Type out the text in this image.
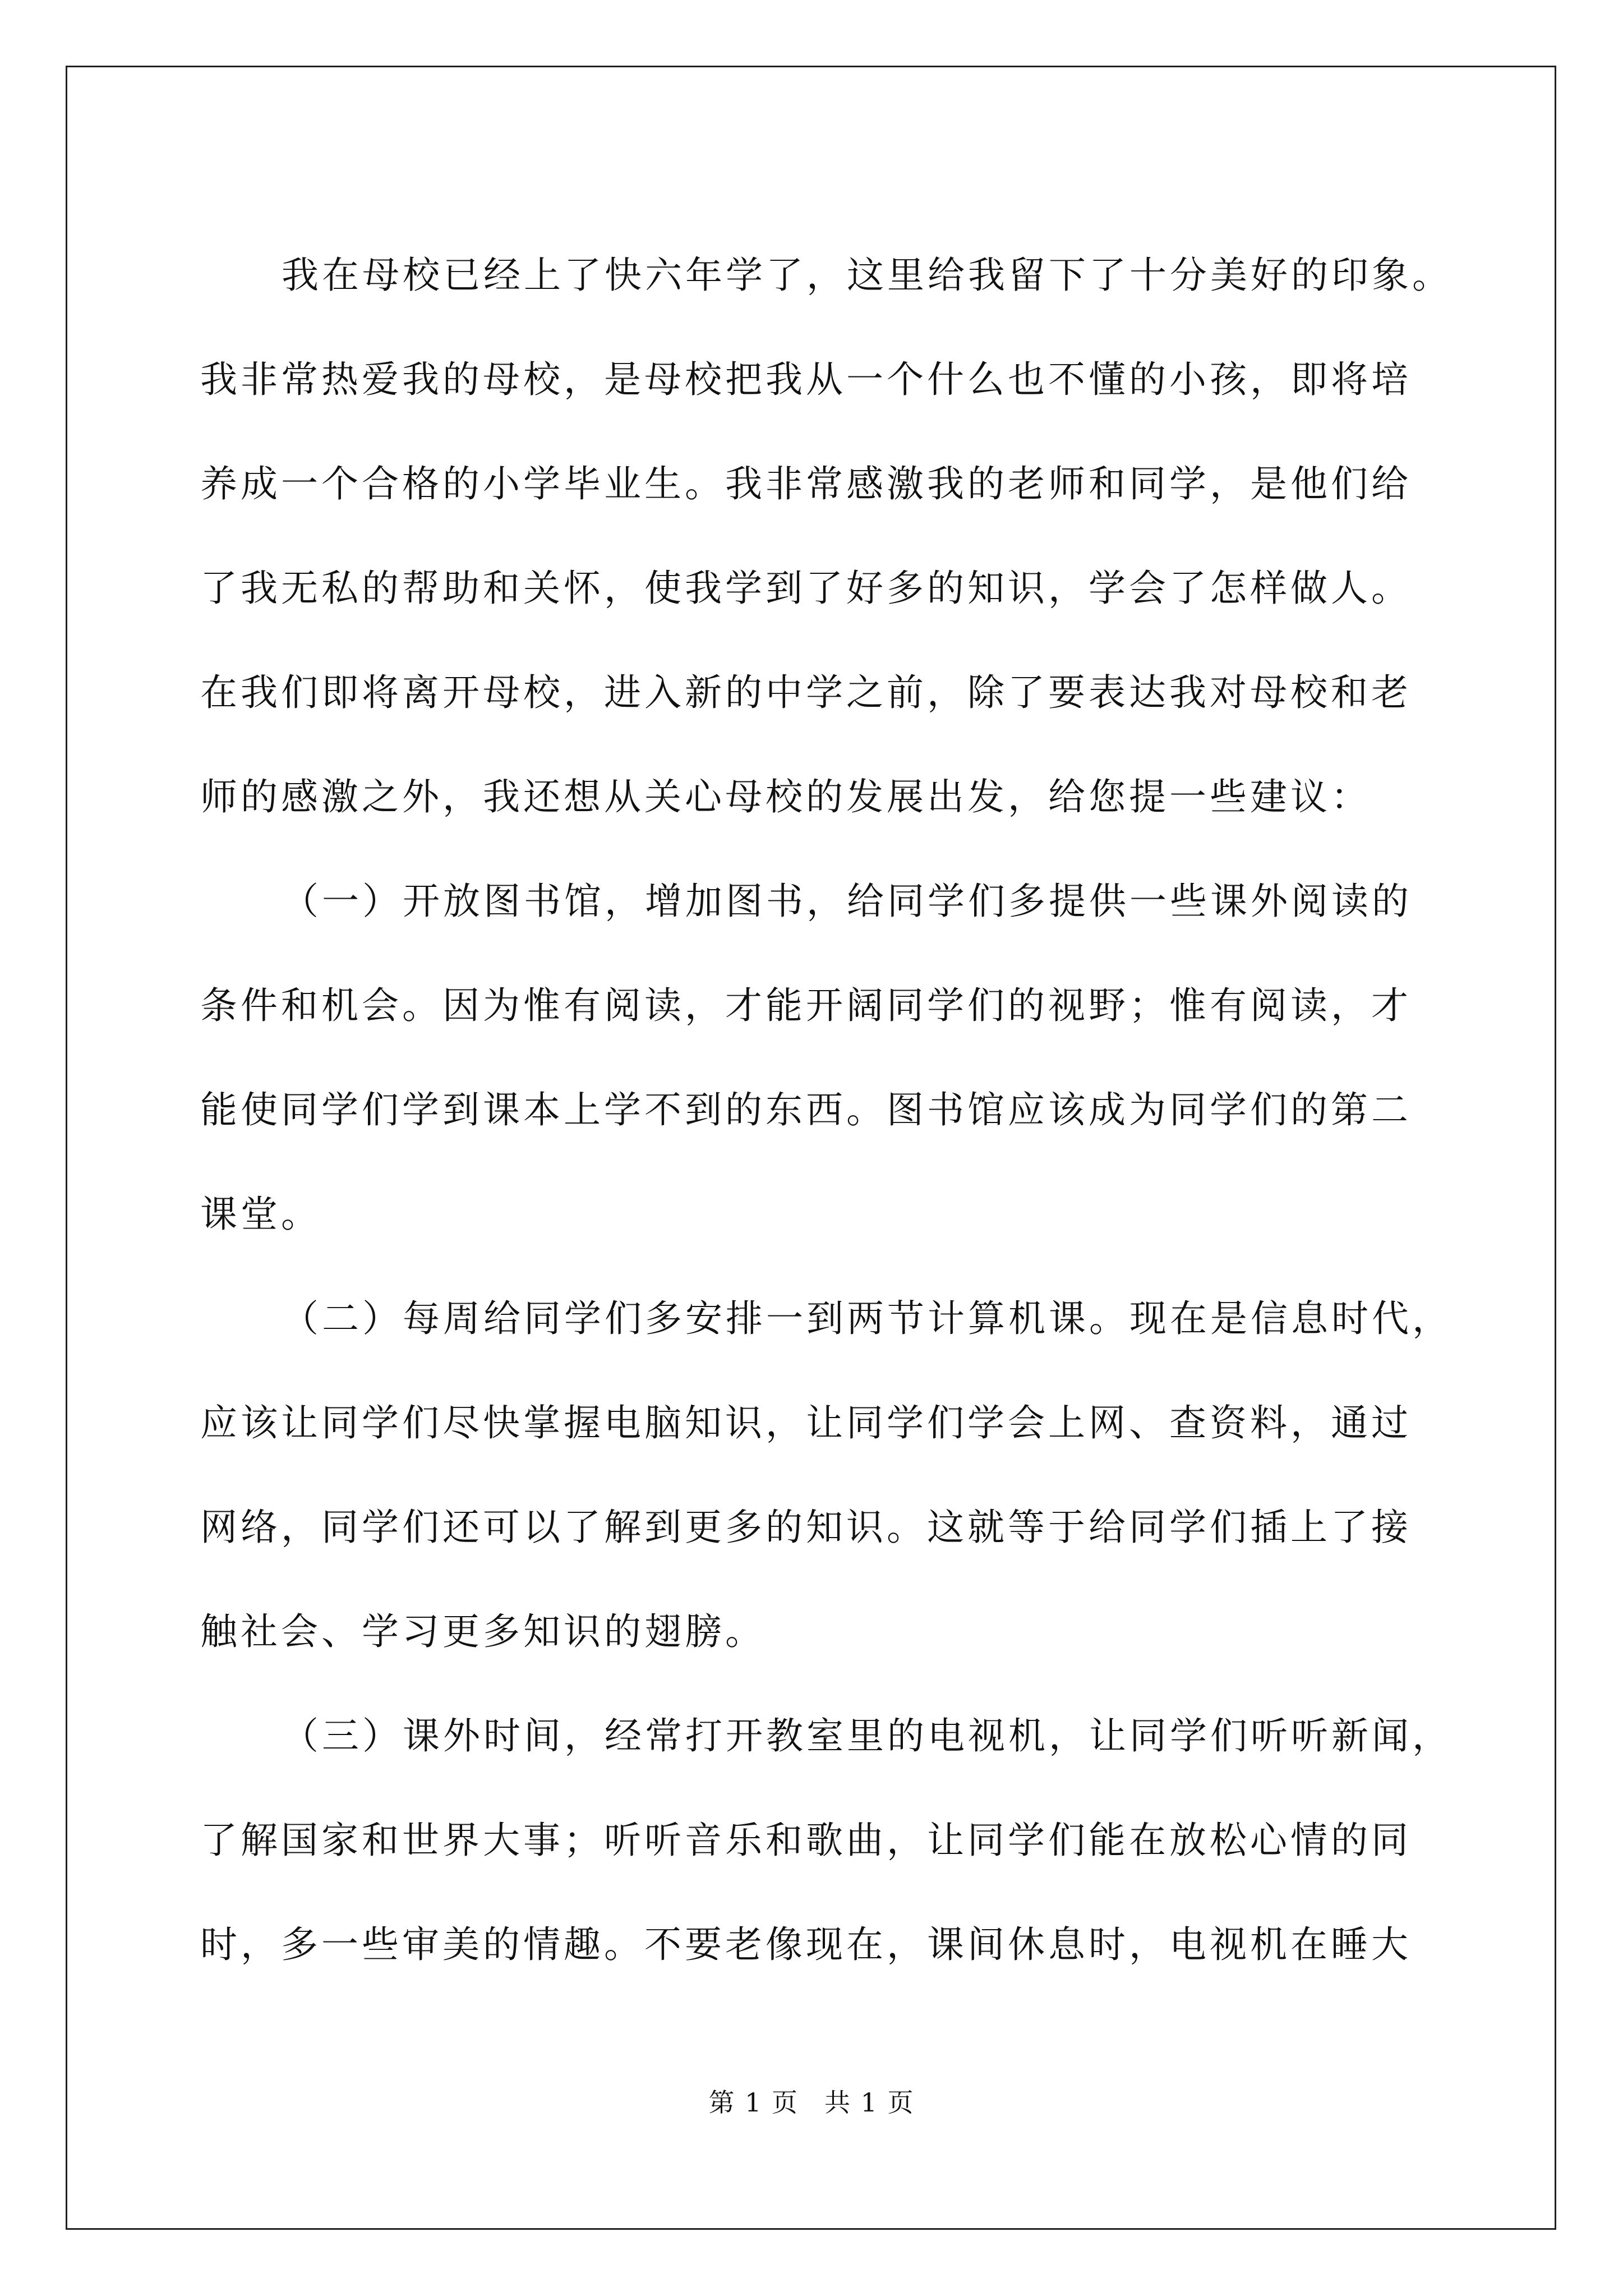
我在母校已经上了快六年学了，这里给我留下了十分美好的印象。
我非常热爱我的母校，是母校把我从一个什么也不懂的小孩，即将培
养成一个合格的小学毕业生。我非常感激我的老师和同学，是他们给
了我无私的帮助和关怀，使我学到了好多的知识，学会了怎样做人。
在我们即将离开母校，进入新的中学之前，除了要表达我对母校和老
师的感激之外，我还想从关心母校的发展出发，给您提一些建议：

（一）开放图书馆，增加图书，给同学们多提供一些课外阅读的
条件和机会。因为惟有阅读，才能开阔同学们的视野；惟有阅读，才
能使同学们学到课本上学不到的东西。图书馆应该成为同学们的第二
课堂。

（二）每周给同学们多安排一到两节计算机课。现在是信息时代，
应该让同学们尽快掌握电脑知识，让同学们学会上网、查资料，通过
网络，同学们还可以了解到更多的知识。这就等于给同学们插上了接
触社会、学习更多知识的翅膀。

（三）课外时间，经常打开教室里的电视机，让同学们听听新闻，
了解国家和世界大事；听听音乐和歌曲，让同学们能在放松心情的同
时，多一些审美的情趣。不要老像现在，课间休息时，电视机在睡大

第 1 页 共 1 页
